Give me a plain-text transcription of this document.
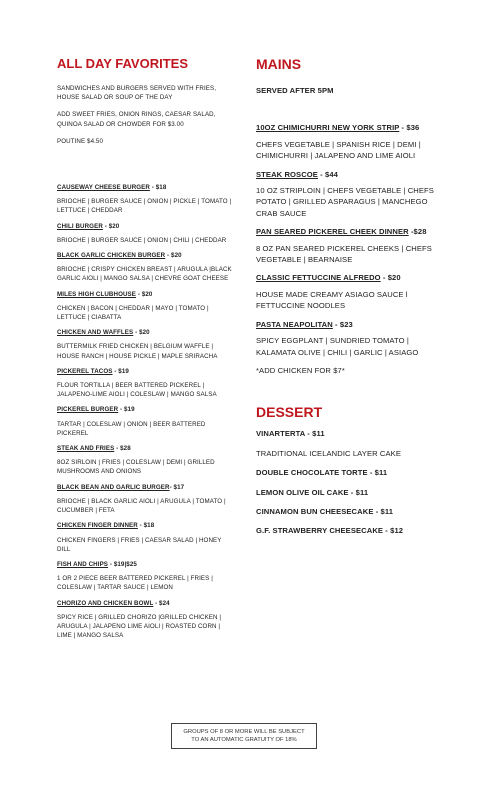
ALL DAY FAVORITES

SANDWICHES AND BURGERS SERVED WITH FRIES, HOUSE SALAD OR SOUP OF THE DAY

ADD SWEET FRIES, ONION RINGS, CAESAR SALAD, QUINOA SALAD OR CHOWDER FOR $3.00

POUTINE $4.50

CAUSEWAY CHEESE BURGER - $18

BRIOCHE | BURGER SAUCE | ONION | PICKLE | TOMATO | LETTUCE | CHEDDAR

CHILI BURGER - $20

BRIOCHE | BURGER SAUCE | ONION | CHILI | CHEDDAR

BLACK GARLIC CHICKEN BURGER - $20

BRIOCHE | CRISPY CHICKEN BREAST | ARUGULA |BLACK GARLIC AIOLI | MANGO SALSA | CHEVRE GOAT CHEESE

MILES HIGH CLUBHOUSE - $20

CHICKEN | BACON | CHEDDAR | MAYO | TOMATO | LETTUCE | CIABATTA

CHICKEN AND WAFFLES - $20

BUTTERMILK FRIED CHICKEN | BELGIUM WAFFLE | HOUSE RANCH | HOUSE PICKLE | MAPLE SRIRACHA

PICKEREL TACOS - $19

FLOUR TORTILLA | BEER BATTERED PICKEREL | JALAPENO-LIME AIOLI | COLESLAW | MANGO SALSA

PICKEREL BURGER - $19

TARTAR | COLESLAW | ONION | BEER BATTERED PICKEREL

STEAK AND FRIES - $28

8OZ SIRLOIN | FRIES | COLESLAW | DEMI | GRILLED MUSHROOMS AND ONIONS

BLACK BEAN AND GARLIC BURGER- $17

BRIOCHE | BLACK GARLIC AIOLI | ARUGULA | TOMATO | CUCUMBER | FETA

CHICKEN FINGER DINNER - $18

CHICKEN FINGERS | FRIES | CAESAR SALAD | HONEY DILL

FISH AND CHIPS - $19|$25

1 OR 2 PIECE BEER BATTERED PICKEREL | FRIES | COLESLAW | TARTAR SAUCE | LEMON

CHORIZO AND CHICKEN BOWL - $24

SPICY RICE | GRILLED CHORIZO |GRILLED CHICKEN | ARUGULA | JALAPENO LIME AIOLI | ROASTED CORN | LIME | MANGO SALSA

MAINS

SERVED AFTER 5PM

10OZ CHIMICHURRI NEW YORK STRIP - $36

CHEFS VEGETABLE | SPANISH RICE | DEMI | CHIMICHURRI | JALAPENO AND LIME AIOLI

STEAK ROSCOE - $44

10 OZ STRIPLOIN | CHEFS VEGETABLE | CHEFS POTATO | GRILLED ASPARAGUS | MANCHEGO CRAB SAUCE

PAN SEARED PICKEREL CHEEK DINNER -$28

8 OZ PAN SEARED PICKEREL CHEEKS | CHEFS VEGETABLE | BEARNAISE

CLASSIC FETTUCCINE ALFREDO - $20

HOUSE MADE CREAMY ASIAGO SAUCE l FETTUCCINE NOODLES

PASTA NEAPOLITAN - $23

SPICY EGGPLANT | SUNDRIED TOMATO | KALAMATA OLIVE | CHILI | GARLIC | ASIAGO

*ADD CHICKEN FOR $7*

DESSERT

VINARTERTA - $11

TRADITIONAL ICELANDIC LAYER CAKE

DOUBLE CHOCOLATE TORTE - $11

LEMON OLIVE OIL CAKE - $11

CINNAMON BUN CHEESECAKE - $11

G.F. STRAWBERRY CHEESECAKE - $12

GROUPS OF 8 OR MORE WILL BE SUBJECT
TO AN AUTOMATIC GRATUITY OF 18%
